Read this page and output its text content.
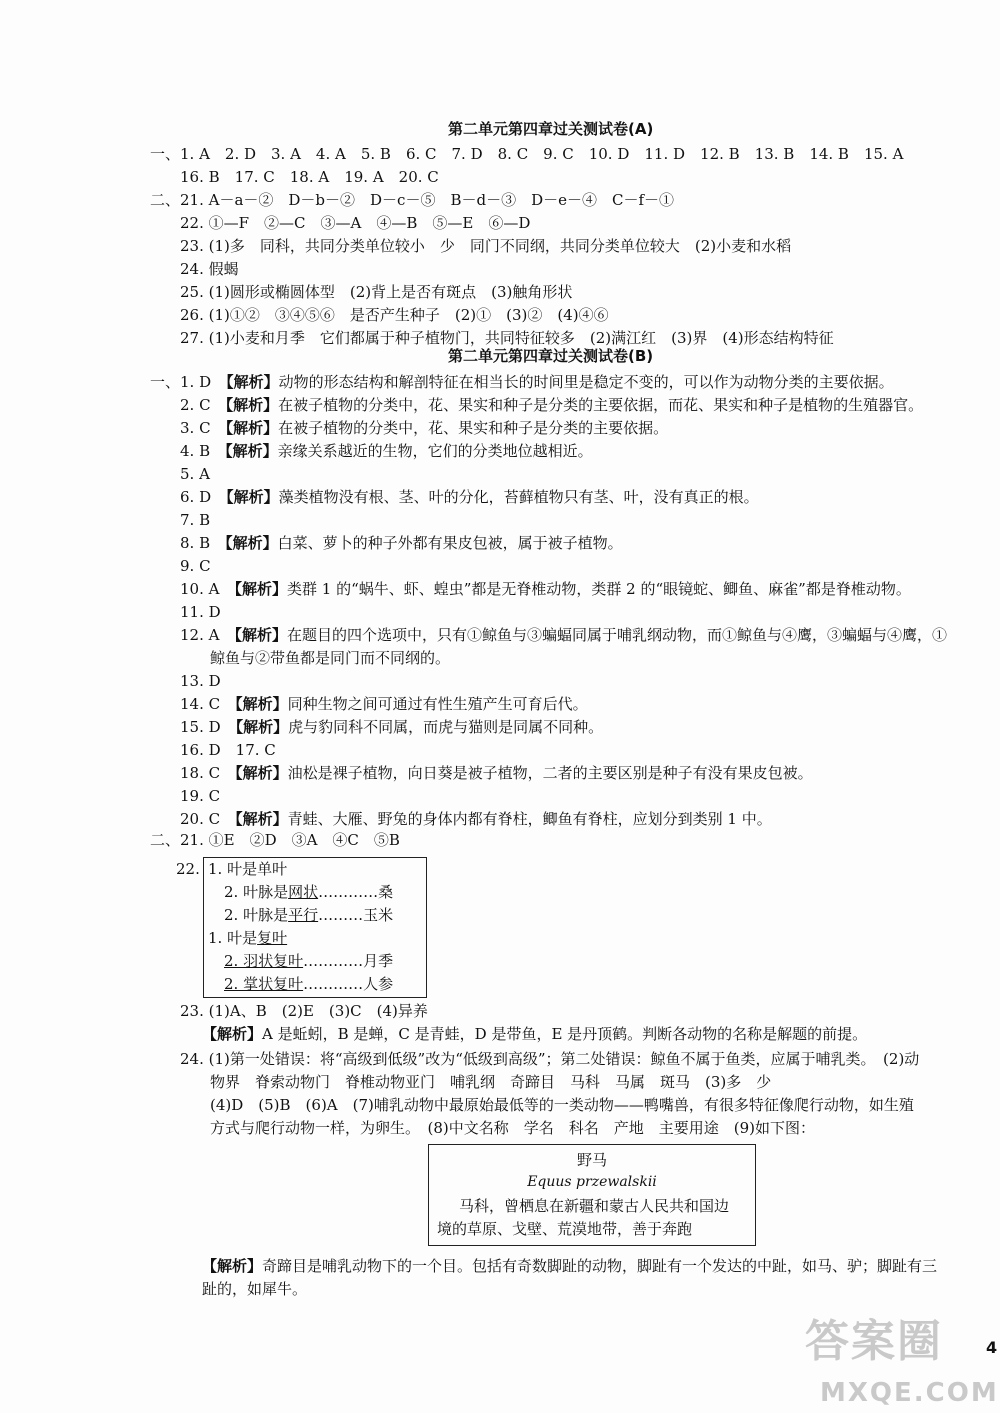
第二单元第四章过关测试卷(A)
一、1. A　2. D　3. A　4. A　5. B　6. C　7. D　8. C　9. C　10. D　11. D　12. B　13. B　14. B　15. A
　　16. B　17. C　18. A　19. A　20. C
二、21. A－a－②　D－b－②　D－c－⑤　B－d－③　D－e－④　C－f－①
　　22. ①—F　②—C　③—A　④—B　⑤—E　⑥—D
　　23. (1)多　同科，共同分类单位较小　少　同门不同纲，共同分类单位较大　(2)小麦和水稻
　　24. 假蝎
　　25. (1)圆形或椭圆体型　(2)背上是否有斑点　(3)触角形状
　　26. (1)①②　③④⑤⑥　是否产生种子　(2)①　(3)②　(4)④⑥
　　27. (1)小麦和月季　它们都属于种子植物门，共同特征较多　(2)满江红　(3)界　(4)形态结构特征
第二单元第四章过关测试卷(B)
一、1. D　【解析】动物的形态结构和解剖特征在相当长的时间里是稳定不变的，可以作为动物分类的主要依据。
　　2. C　【解析】在被子植物的分类中，花、果实和种子是分类的主要依据，而花、果实和种子是植物的生殖器官。
　　3. C　【解析】在被子植物的分类中，花、果实和种子是分类的主要依据。
　　4. B　【解析】亲缘关系越近的生物，它们的分类地位越相近。
　　5. A
　　6. D　【解析】藻类植物没有根、茎、叶的分化，苔藓植物只有茎、叶，没有真正的根。
　　7. B
　　8. B　【解析】白菜、萝卜的种子外都有果皮包被，属于被子植物。
　　9. C
　　10. A　【解析】类群 1 的“蜗牛、虾、蝗虫”都是无脊椎动物，类群 2 的“眼镜蛇、鲫鱼、麻雀”都是脊椎动物。
　　11. D
　　12. A　【解析】在题目的四个选项中，只有①鲸鱼与③蝙蝠同属于哺乳纲动物，而①鲸鱼与④鹰，③蝙蝠与④鹰，①
　　　　鲸鱼与②带鱼都是同门而不同纲的。
　　13. D
　　14. C　【解析】同种生物之间可通过有性生殖产生可育后代。
　　15. D　【解析】虎与豹同科不同属，而虎与猫则是同属不同种。
　　16. D　17. C
　　18. C　【解析】油松是裸子植物，向日葵是被子植物，二者的主要区别是种子有没有果皮包被。
　　19. C
　　20. C　【解析】青蛙、大雁、野兔的身体内都有脊柱，鲫鱼有脊柱，应划分到类别 1 中。
二、21. ①E　②D　③A　④C　⑤B
22. 1. 叶是单叶
2. 叶脉是网状…………桑
2. 叶脉是平行………玉米
1. 叶是复叶
2. 羽状复叶…………月季
2. 掌状复叶…………人参
　　23. (1)A、B　(2)E　(3)C　(4)异养
【解析】A 是蚯蚓，B 是蝉，C 是青蛙，D 是带鱼，E 是丹顶鹤。判断各动物的名称是解题的前提。
　　24. (1)第一处错误：将“高级到低级”改为“低级到高级”；第二处错误：鲸鱼不属于鱼类，应属于哺乳类。　(2)动
　　　　物界　脊索动物门　脊椎动物亚门　哺乳纲　奇蹄目　马科　马属　斑马　(3)多　少
　　　　(4)D　(5)B　(6)A　(7)哺乳动物中最原始最低等的一类动物——鸭嘴兽，有很多特征像爬行动物，如生殖
　　　　方式与爬行动物一样，为卵生。　(8)中文名称　学名　科名　产地　主要用途　(9)如下图：
野马
Equus przewalskii
马科，曾栖息在新疆和蒙古人民共和国边
境的草原、戈壁、荒漠地带，善于奔跑
【解析】奇蹄目是哺乳动物下的一个目。包括有奇数脚趾的动物，脚趾有一个发达的中趾，如马、驴；脚趾有三
趾的，如犀牛。
4
答案圈
MXQE.COM
